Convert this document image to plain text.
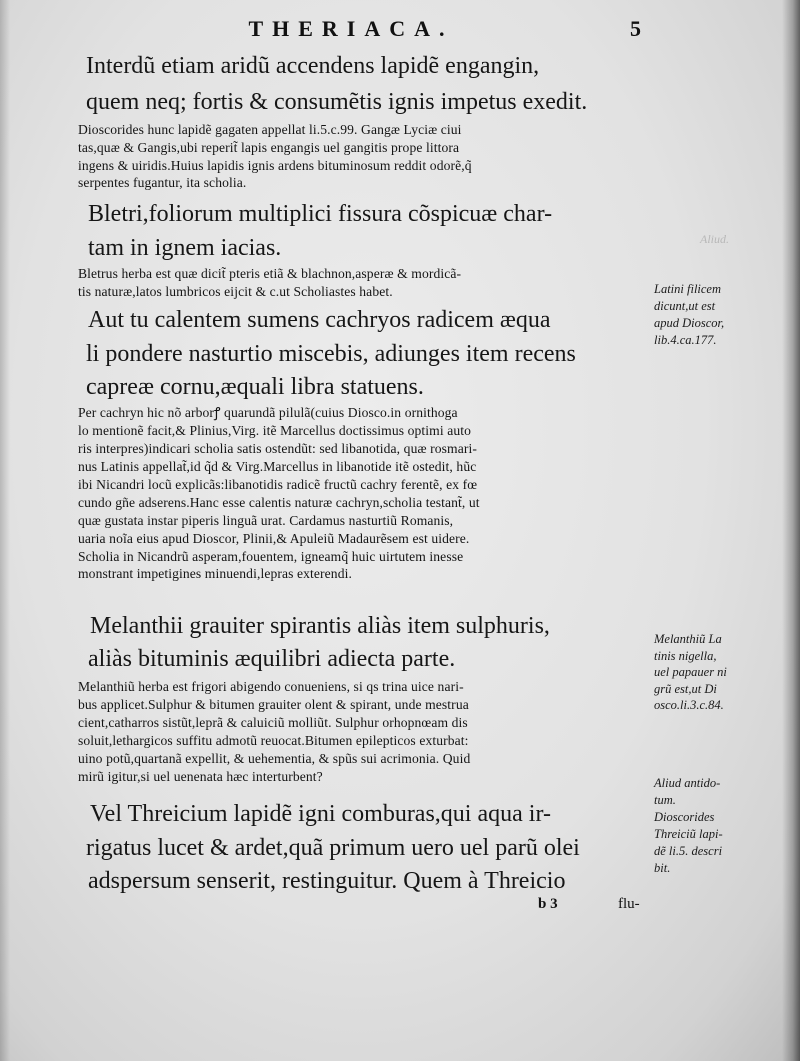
Aliud.
THERIACA.	5
Interdũ etiam aridũ accendens lapidẽ engangin,
quem neq; fortis & consumẽtis ignis impetus exedit.
Dioscorides hunc lapidẽ gagaten appellat li.5.c.99. Gangæ Lyciæ ciui
tas,quæ & Gangis,ubi reperit̃ lapis engangis uel gangitis prope littora
ingens & uiridis.Huius lapidis ignis ardens bituminosum reddit odorẽ,q̃
serpentes fugantur, ita scholia.
Bletri,foliorum multiplici fissura cõspicuæ char-
tam in ignem iacias.
Bletrus herba est quæ dicit̃ pteris etiã & blachnon,asperæ & mordicã-
tis naturæ,latos lumbricos eijcit & c.ut Scholiastes habet.
Aut tu calentem sumens cachryos radicem æqua
li pondere nasturtio miscebis, adiunges item recens
capreæ cornu,æquali libra statuens.
Per cachryn hic nõ arborꝭ quarundã pilulã(cuius Diosco.in ornithoga
lo mentionẽ facit,& Plinius,Virg. itẽ Marcellus doctissimus optimi auto
ris interpres)indicari scholia satis ostendũt: sed libanotida, quæ rosmari-
nus Latinis appellat̃,id q̃d & Virg.Marcellus in libanotide itẽ ostedit, hũc
ibi Nicandri locũ explicãs:libanotidis radicẽ fructũ cachry ferentẽ, ex fœ
cundo gñe adserens.Hanc esse calentis naturæ cachryn,scholia testant̃, ut
quæ gustata instar piperis linguã urat. Cardamus nasturtiũ Romanis,
uaria noĩa eius apud Dioscor, Plinii,& Apuleiũ Madaurẽsem est uidere.
Scholia in Nicandrũ asperam,fouentem, igneamq̃ huic uirtutem inesse
monstrant impetigines minuendi,lepras exterendi.
Melanthii grauiter spirantis aliàs item sulphuris,
aliàs bituminis æquilibri adiecta parte.
Melanthiũ herba est frigori abigendo conueniens, si qs trina uice nari-
bus applicet.Sulphur & bitumen grauiter olent & spirant, unde mestrua
cient,catharros sistũt,leprã & caluiciũ molliũt. Sulphur orhopnœam dis
soluit,lethargicos suffitu admotũ reuocat.Bitumen epilepticos exturbat:
uino potũ,quartanã expellit, & uehementia, & spũs sui acrimonia. Quid
mirũ igitur,si uel uenenata hæc interturbent?
Vel Threicium lapidẽ igni comburas,qui aqua ir-
rigatus lucet & ardet,quã primum uero uel parũ olei
adspersum senserit, restinguitur. Quem à Threicio
Latini filicem
dicunt,ut est
apud Dioscor,
lib.4.ca.177.
Melanthiũ La
tinis nigella,
uel papauer ni
grũ est,ut Di
osco.li.3.c.84.
Aliud antido-
tum.
Dioscorides
Threiciũ lapi-
dẽ li.5. descri
bit.
b 3	flu-
